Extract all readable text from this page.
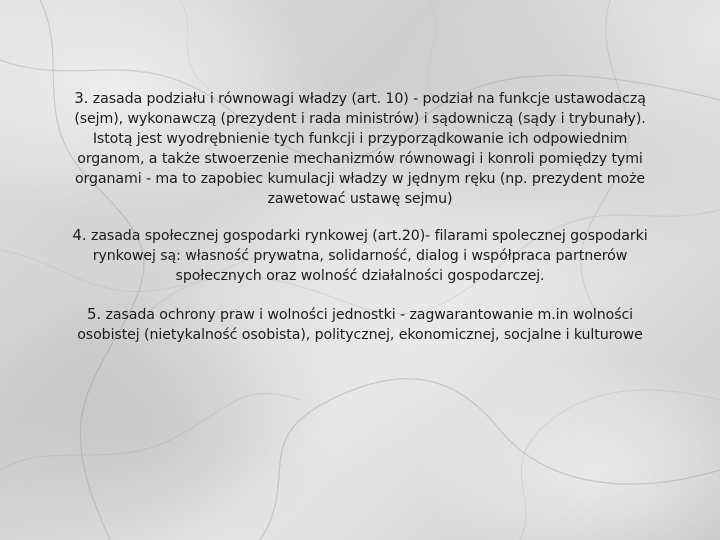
3. zasada podziału i równowagi władzy (art. 10) - podział na funkcje ustawodaczą (sejm), wykonawczą (prezydent i rada ministrów) i sądowniczą (sądy i trybunały). Istotą jest wyodrębnienie tych funkcji i przyporządkowanie ich odpowiednim organom, a także stwoerzenie mechanizmów równowagi i konroli pomiędzy tymi organami - ma to zapobiec kumulacji władzy w jędnym ręku (np. prezydent może zawetować ustawę sejmu)

4. zasada społecznej gospodarki rynkowej (art.20)- filarami spolecznej gospodarki rynkowej są: własność prywatna, solidarność, dialog i współpraca partnerów społecznych oraz wolność działalności gospodarczej.

5. zasada ochrony praw i wolności jednostki - zagwarantowanie m.in wolności osobistej (nietykalność osobista), politycznej, ekonomicznej, socjalne i kulturowe
